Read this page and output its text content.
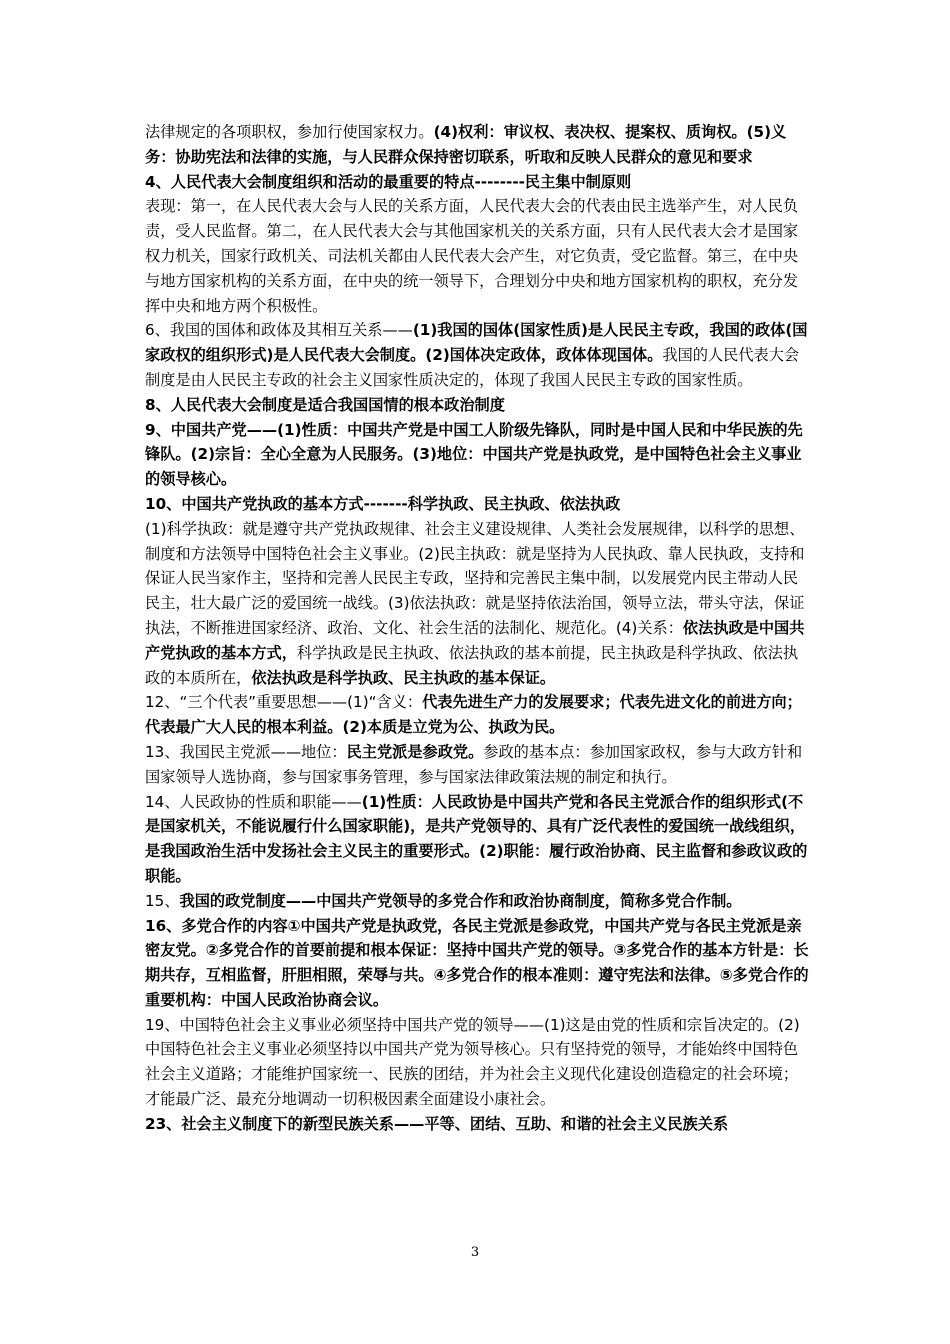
法律规定的各项职权，参加行使国家权力。(4)权利：审议权、表决权、提案权、质询权。(5)义务：协助宪法和法律的实施，与人民群众保持密切联系，听取和反映人民群众的意见和要求

4、人民代表大会制度组织和活动的最重要的特点--------民主集中制原则

表现：第一，在人民代表大会与人民的关系方面，人民代表大会的代表由民主选举产生，对人民负责，受人民监督。第二，在人民代表大会与其他国家机关的关系方面，只有人民代表大会才是国家权力机关，国家行政机关、司法机关都由人民代表大会产生，对它负责，受它监督。第三，在中央与地方国家机构的关系方面，在中央的统一领导下，合理划分中央和地方国家机构的职权，充分发挥中央和地方两个积极性。

6、我国的国体和政体及其相互关系——(1)我国的国体(国家性质)是人民民主专政，我国的政体(国家政权的组织形式)是人民代表大会制度。(2)国体决定政体，政体体现国体。我国的人民代表大会制度是由人民民主专政的社会主义国家性质决定的，体现了我国人民民主专政的国家性质。

8、人民代表大会制度是适合我国国情的根本政治制度

9、中国共产党——(1)性质：中国共产党是中国工人阶级先锋队，同时是中国人民和中华民族的先锋队。(2)宗旨：全心全意为人民服务。(3)地位：中国共产党是执政党，是中国特色社会主义事业的领导核心。

10、中国共产党执政的基本方式-------科学执政、民主执政、依法执政

(1)科学执政：就是遵守共产党执政规律、社会主义建设规律、人类社会发展规律，以科学的思想、制度和方法领导中国特色社会主义事业。(2)民主执政：就是坚持为人民执政、靠人民执政，支持和保证人民当家作主，坚持和完善人民民主专政，坚持和完善民主集中制，以发展党内民主带动人民民主，壮大最广泛的爱国统一战线。(3)依法执政：就是坚持依法治国，领导立法，带头守法，保证执法，不断推进国家经济、政治、文化、社会生活的法制化、规范化。(4)关系：依法执政是中国共产党执政的基本方式，科学执政是民主执政、依法执政的基本前提，民主执政是科学执政、依法执政的本质所在，依法执政是科学执政、民主执政的基本保证。

12、“三个代表”重要思想——(1)“含义：代表先进生产力的发展要求；代表先进文化的前进方向；代表最广大人民的根本利益。(2)本质是立党为公、执政为民。

13、我国民主党派——地位：民主党派是参政党。参政的基本点：参加国家政权，参与大政方针和国家领导人选协商，参与国家事务管理，参与国家法律政策法规的制定和执行。

14、人民政协的性质和职能——(1)性质：人民政协是中国共产党和各民主党派合作的组织形式(不是国家机关，不能说履行什么国家职能)，是共产党领导的、具有广泛代表性的爱国统一战线组织，是我国政治生活中发扬社会主义民主的重要形式。(2)职能：履行政治协商、民主监督和参政议政的职能。

15、我国的政党制度——中国共产党领导的多党合作和政治协商制度，简称多党合作制。

16、多党合作的内容①中国共产党是执政党，各民主党派是参政党，中国共产党与各民主党派是亲密友党。②多党合作的首要前提和根本保证：坚持中国共产党的领导。③多党合作的基本方针是：长期共存，互相监督，肝胆相照，荣辱与共。④多党合作的根本准则：遵守宪法和法律。⑤多党合作的重要机构：中国人民政治协商会议。

19、中国特色社会主义事业必须坚持中国共产党的领导——(1)这是由党的性质和宗旨决定的。(2)中国特色社会主义事业必须坚持以中国共产党为领导核心。只有坚持党的领导，才能始终中国特色社会主义道路；才能维护国家统一、民族的团结，并为社会主义现代化建设创造稳定的社会环境；才能最广泛、最充分地调动一切积极因素全面建设小康社会。

23、社会主义制度下的新型民族关系——平等、团结、互助、和谐的社会主义民族关系

3
